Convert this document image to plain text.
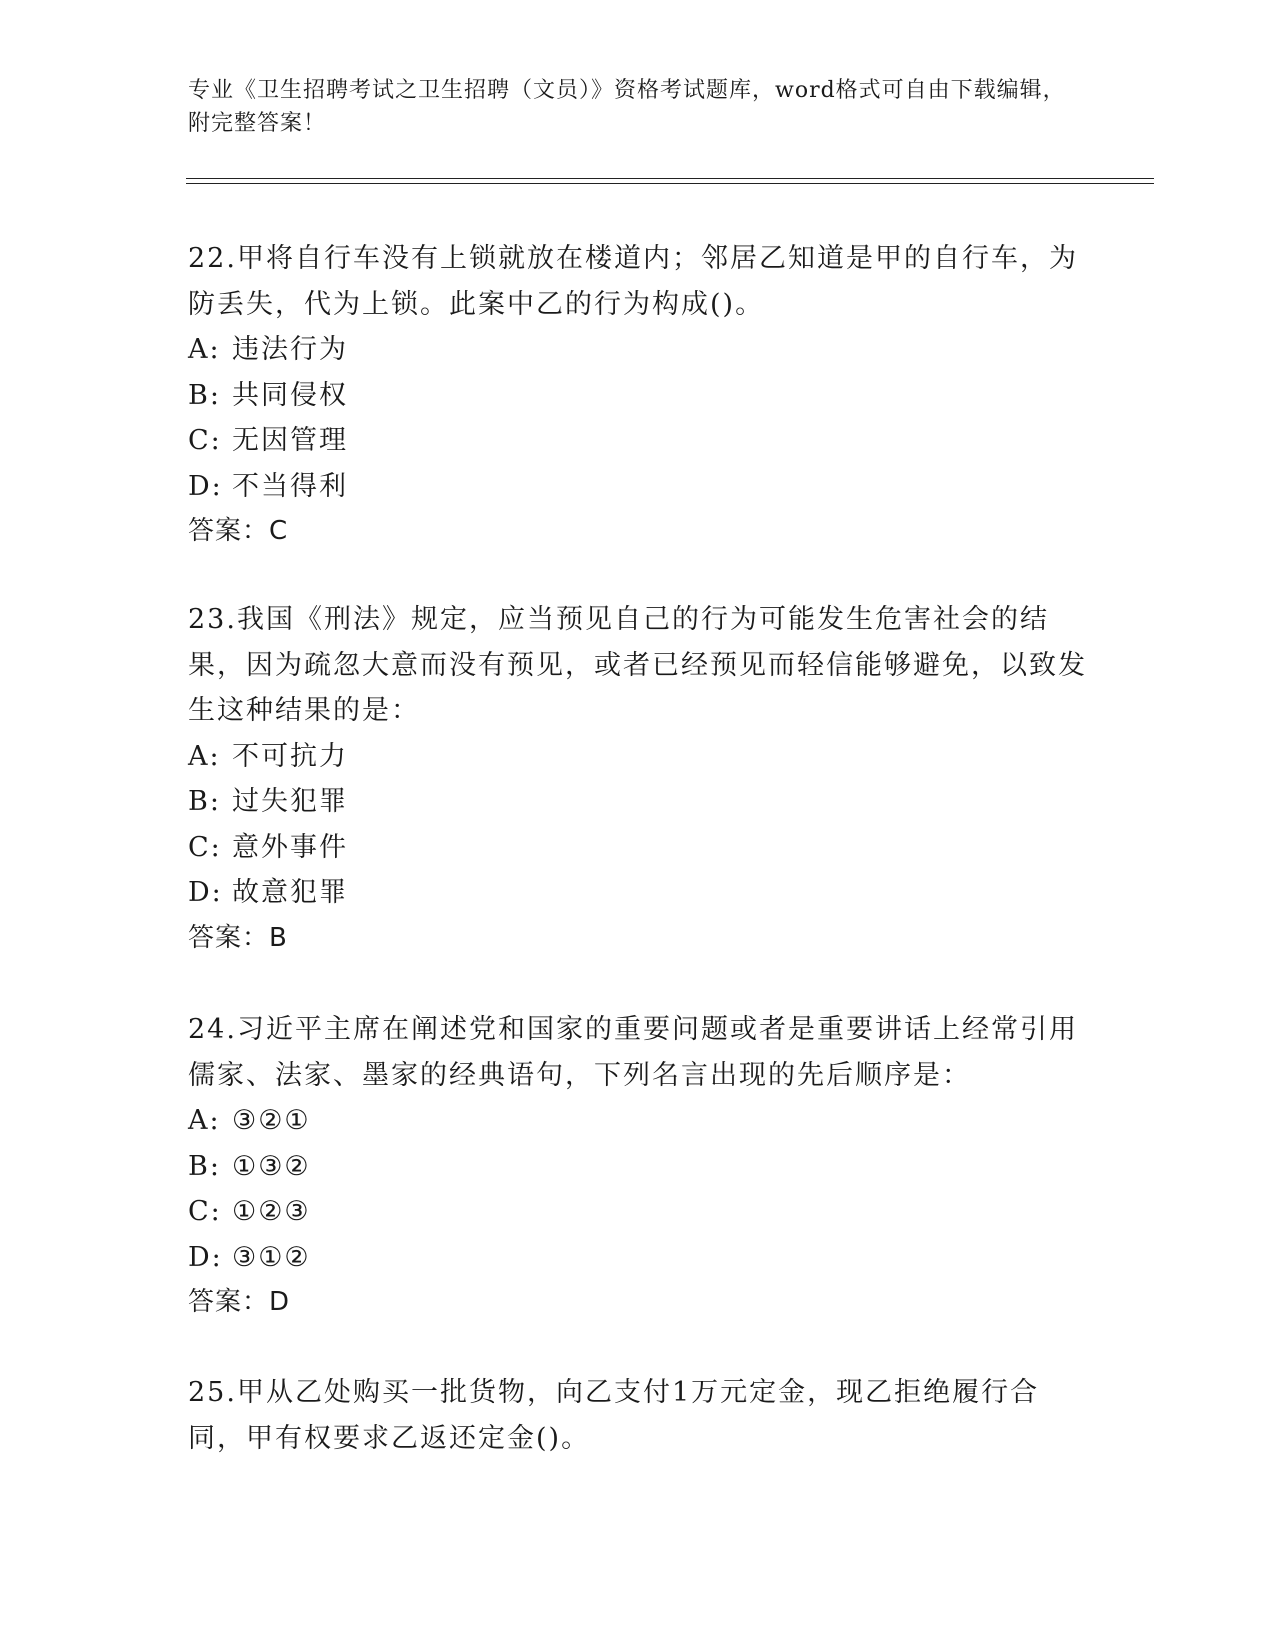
专业《卫生招聘考试之卫生招聘（文员）》资格考试题库，word格式可自由下载编辑，附完整答案！

22.甲将自行车没有上锁就放在楼道内；邻居乙知道是甲的自行车，为防丢失，代为上锁。此案中乙的行为构成()。

A: 违法行为

B: 共同侵权

C: 无因管理

D: 不当得利

答案：C

23.我国《刑法》规定，应当预见自己的行为可能发生危害社会的结果，因为疏忽大意而没有预见，或者已经预见而轻信能够避免，以致发生这种结果的是：

A: 不可抗力

B: 过失犯罪

C: 意外事件

D: 故意犯罪

答案：B

24.习近平主席在阐述党和国家的重要问题或者是重要讲话上经常引用儒家、法家、墨家的经典语句，下列名言出现的先后顺序是：

A: ③②①

B: ①③②

C: ①②③

D: ③①②

答案：D

25.甲从乙处购买一批货物，向乙支付1万元定金，现乙拒绝履行合同，甲有权要求乙返还定金()。
